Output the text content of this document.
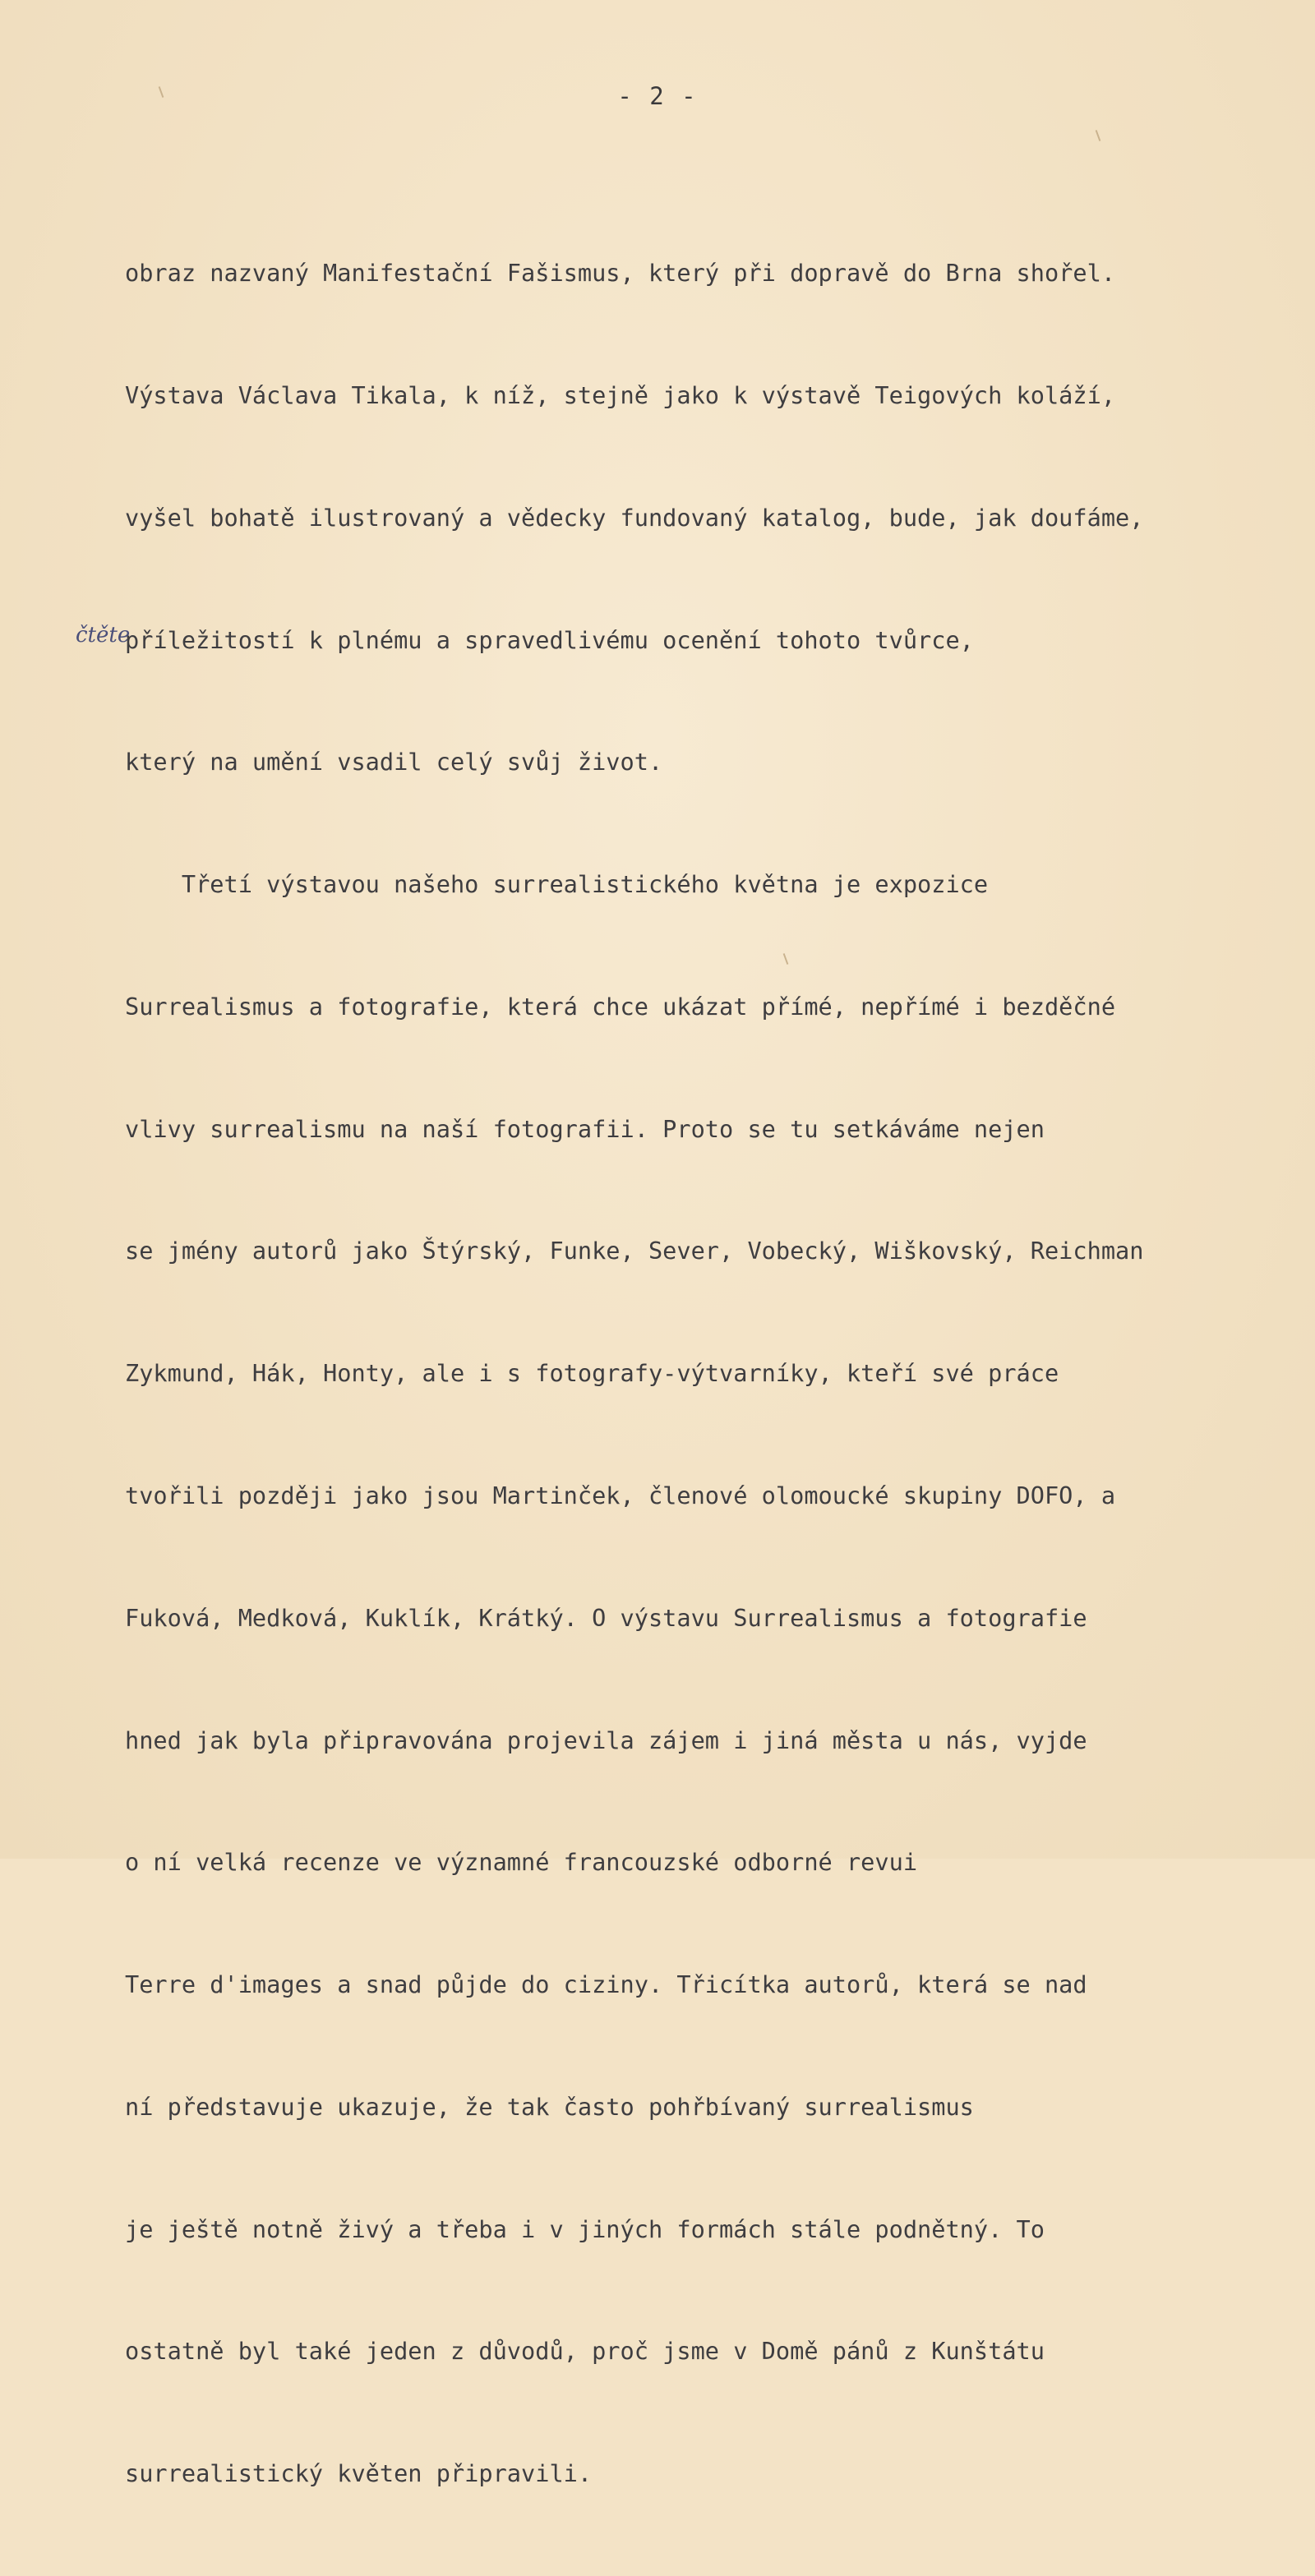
- 2 -
čtěte

obraz nazvaný Manifestační Fašismus, který při dopravě do Brna shořel.

Výstava Václava Tikala, k níž, stejně jako k výstavě Teigových koláží,

vyšel bohatě ilustrovaný a vědecky fundovaný katalog, bude, jak doufáme,

příležitostí k plnému a spravedlivému ocenění tohoto tvůrce,

který na umění vsadil celý svůj život.

Třetí výstavou našeho surrealistického května je expozice

Surrealismus a fotografie, která chce ukázat přímé, nepřímé i bezděčné

vlivy surrealismu na naší fotografii. Proto se tu setkáváme nejen

se jmény autorů jako Štýrský, Funke, Sever, Vobecký, Wiškovský, Reichman

Zykmund, Hák, Honty, ale i s fotografy-výtvarníky, kteří své práce

tvořili později jako jsou Martinček, členové olomoucké skupiny DOFO, a

Fuková, Medková, Kuklík, Krátký. O výstavu Surrealismus a fotografie

hned jak byla připravována projevila zájem i jiná města u nás, vyjde

o ní velká recenze ve významné francouzské odborné revui

Terre d'images a snad půjde do ciziny. Třicítka autorů, která se nad

ní představuje ukazuje, že tak často pohřbívaný surrealismus

je ještě notně živý a třeba i v jiných formách stále podnětný. To

ostatně byl také jeden z důvodů, proč jsme v Domě pánů z Kunštátu

surrealistický květen připravili.
